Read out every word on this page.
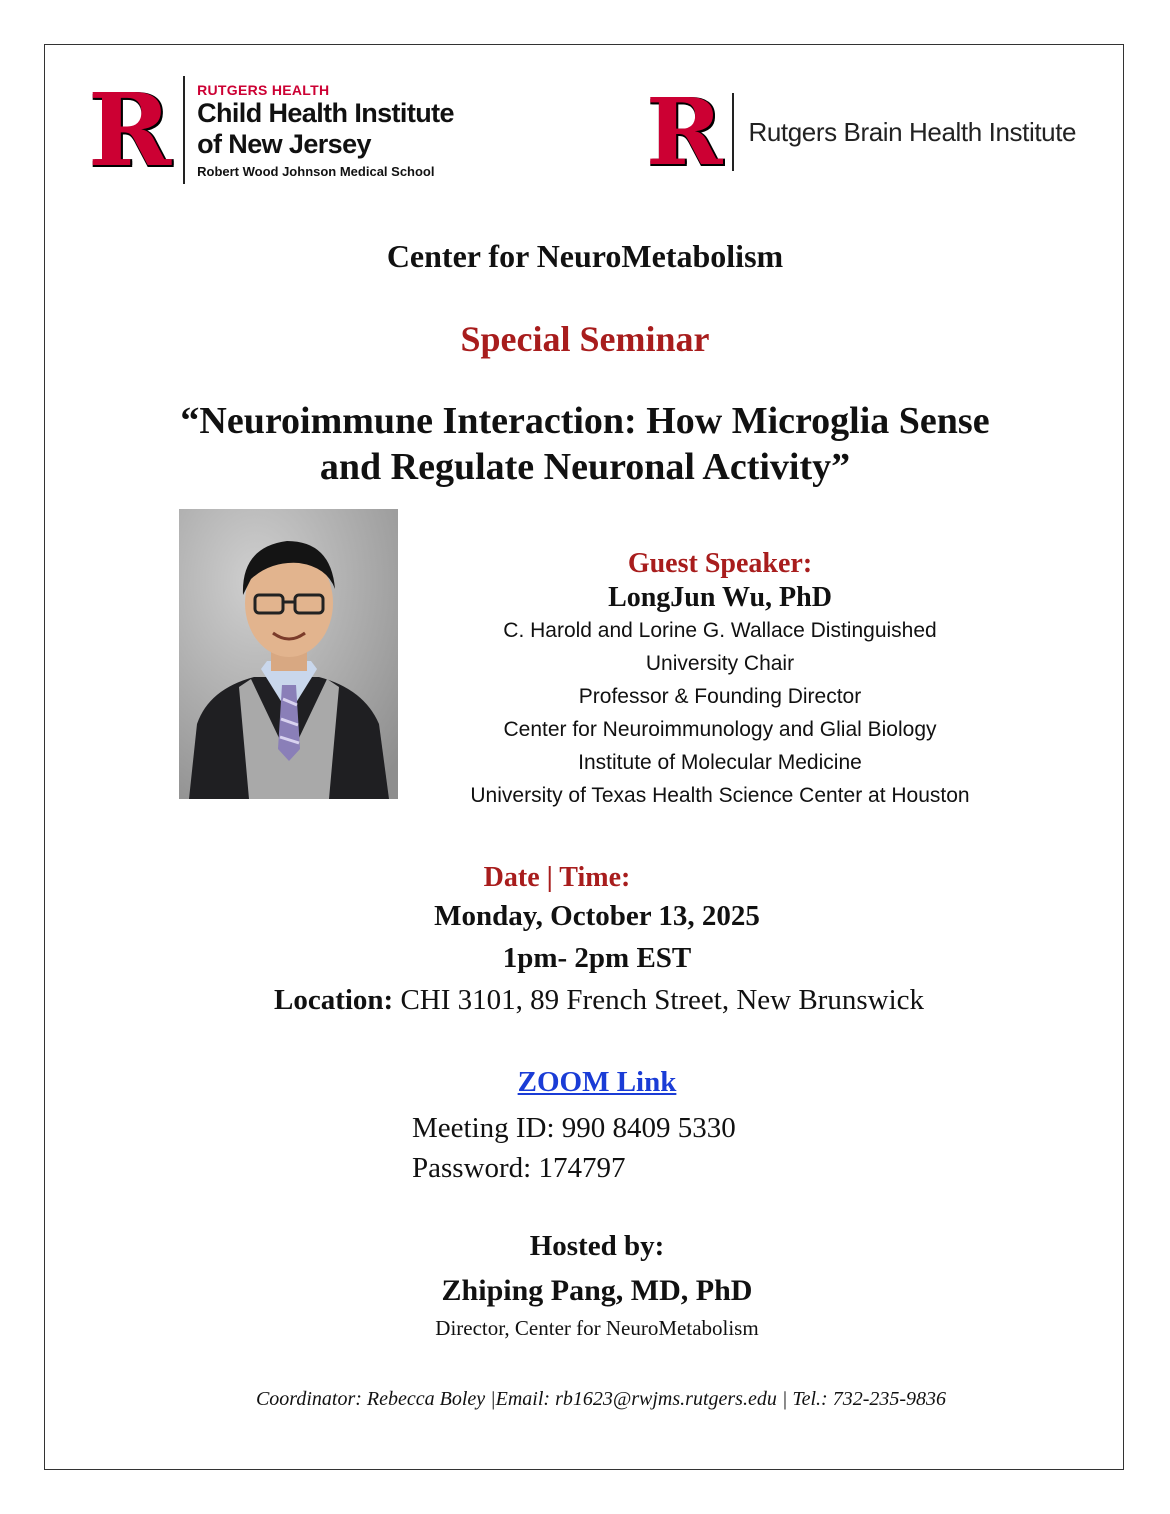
R RUTGERS HEALTH
Child Health Institute
of New Jersey
Robert Wood Johnson Medical School R Rutgers Brain Health Institute
Center for NeuroMetabolism
Special Seminar
“Neuroimmune Interaction: How Microglia Sense
and Regulate Neuronal Activity”
Guest Speaker:
LongJun Wu, PhD
C. Harold and Lorine G. Wallace Distinguished
University Chair
Professor & Founding Director
Center for Neuroimmunology and Glial Biology
Institute of Molecular Medicine
University of Texas Health Science Center at Houston
Date | Time:
Monday, October 13, 2025
1pm- 2pm EST
Location: CHI 3101, 89 French Street, New Brunswick
ZOOM Link
Meeting ID: 990 8409 5330
Password: 174797
Hosted by:
Zhiping Pang, MD, PhD
Director, Center for NeuroMetabolism
Coordinator: Rebecca Boley |Email: rb1623@rwjms.rutgers.edu | Tel.: 732-235-9836
